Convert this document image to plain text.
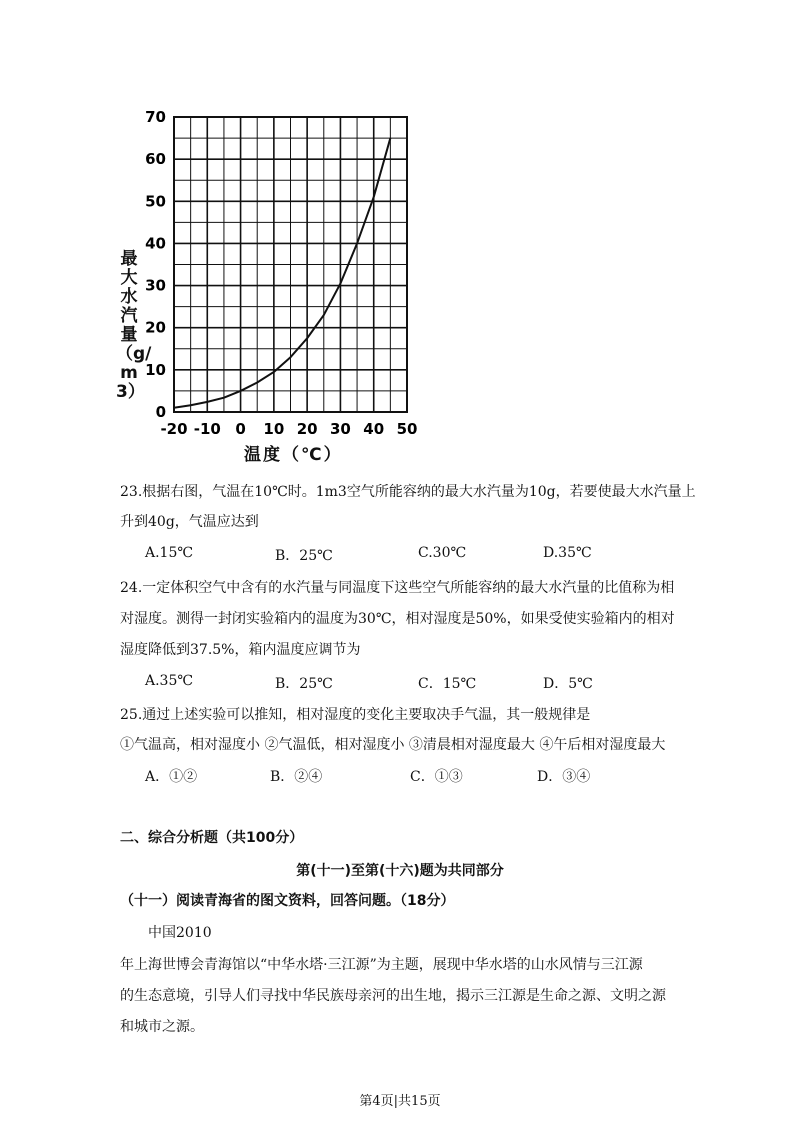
最大水汽量（g/m3）
-20 -10 0 10 20 30 40 50
0
10
20
30
40
50
60
70
温度（℃）
23.根据右图，气温在10℃时。1m3空气所能容纳的最大水汽量为10g，若要使最大水汽量上
升到40g，气温应达到
A.15℃	B．25℃	C.30℃	D.35℃
24.一定体积空气中含有的水汽量与同温度下这些空气所能容纳的最大水汽量的比值称为相
对湿度。测得一封闭实验箱内的温度为30℃，相对湿度是50%，如果受使实验箱内的相对
湿度降低到37.5%，箱内温度应调节为
A.35℃	B．25℃	C．15℃	D．5℃
25.通过上述实验可以推知，相对湿度的变化主要取决手气温，其一般规律是
①气温高，相对湿度小 ②气温低，相对湿度小 ③清晨相对湿度最大 ④午后相对湿度最大
A．①②	B．②④	C．①③	D．③④
二、综合分析题（共100分）
第(十一)至第(十六)题为共同部分
（十一）阅读青海省的图文资料，回答问题。（18分）
中国2010
年上海世博会青海馆以“中华水塔·三江源”为主题，展现中华水塔的山水风情与三江源
的生态意境，引导人们寻找中华民族母亲河的出生地，揭示三江源是生命之源、文明之源
和城市之源。
第4页|共15页
